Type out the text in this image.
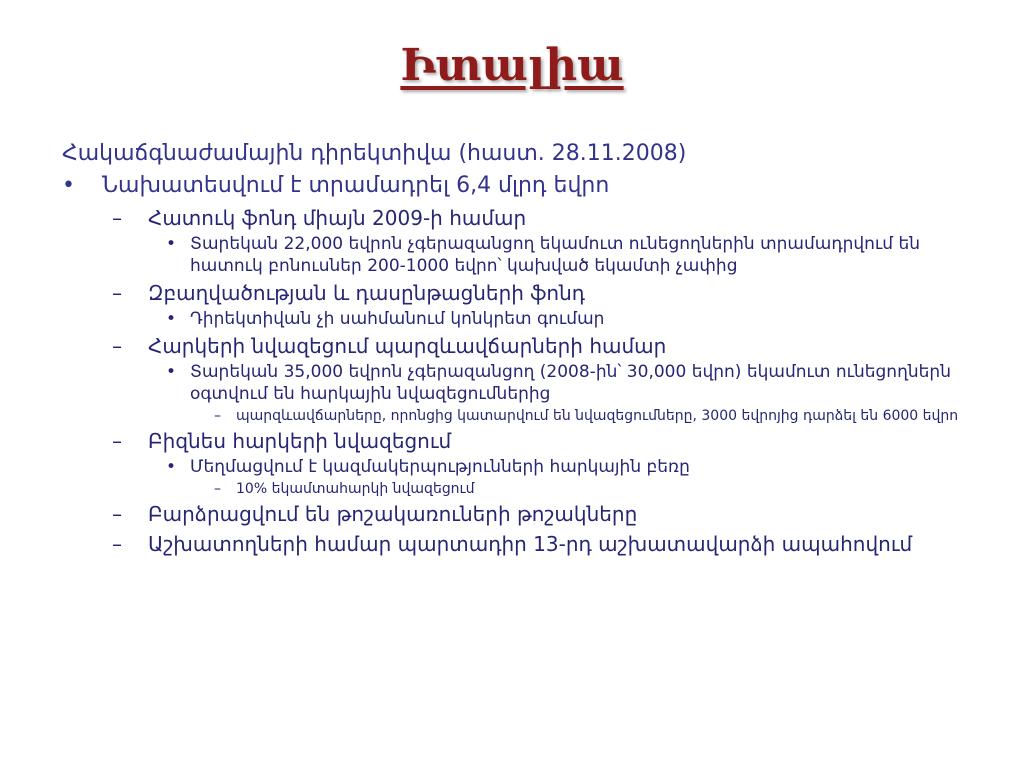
Իտալիա
Հակաճգնաժամային դիրեկտիվա (հաստ. 28.11.2008)
• Նախատեսվում է տրամադրել 6,4 մլրդ եվրո
– Հատուկ ֆոնդ միայն 2009-ի համար
• Տարեկան 22,000 եվրոն չգերազանցող եկամուտ ունեցողներին տրամադրվում են հատուկ բոնուսներ 200-1000 եվրո՝ կախված եկամտի չափից
– Զբաղվածության և դասընթացների ֆոնդ
• Դիրեկտիվան չի սահմանում կոնկրետ գումար
– Հարկերի նվազեցում պարզևավճարների համար
• Տարեկան 35,000 եվրոն չգերազանցող (2008-ին՝ 30,000 եվրո) եկամուտ ունեցողներն օգտվում են հարկային նվազեցումներից
– պարզևավճարները, որոնցից կատարվում են նվազեցումները, 3000 եվրոյից դարձել են 6000 եվրո
– Բիզնես հարկերի նվազեցում
• Մեղմացվում է կազմակերպությունների հարկային բեռը
– 10% եկամտահարկի նվազեցում
– Բարձրացվում են թոշակառուների թոշակները
– Աշխատողների համար պարտադիր 13-րդ աշխատավարձի ապահովում
